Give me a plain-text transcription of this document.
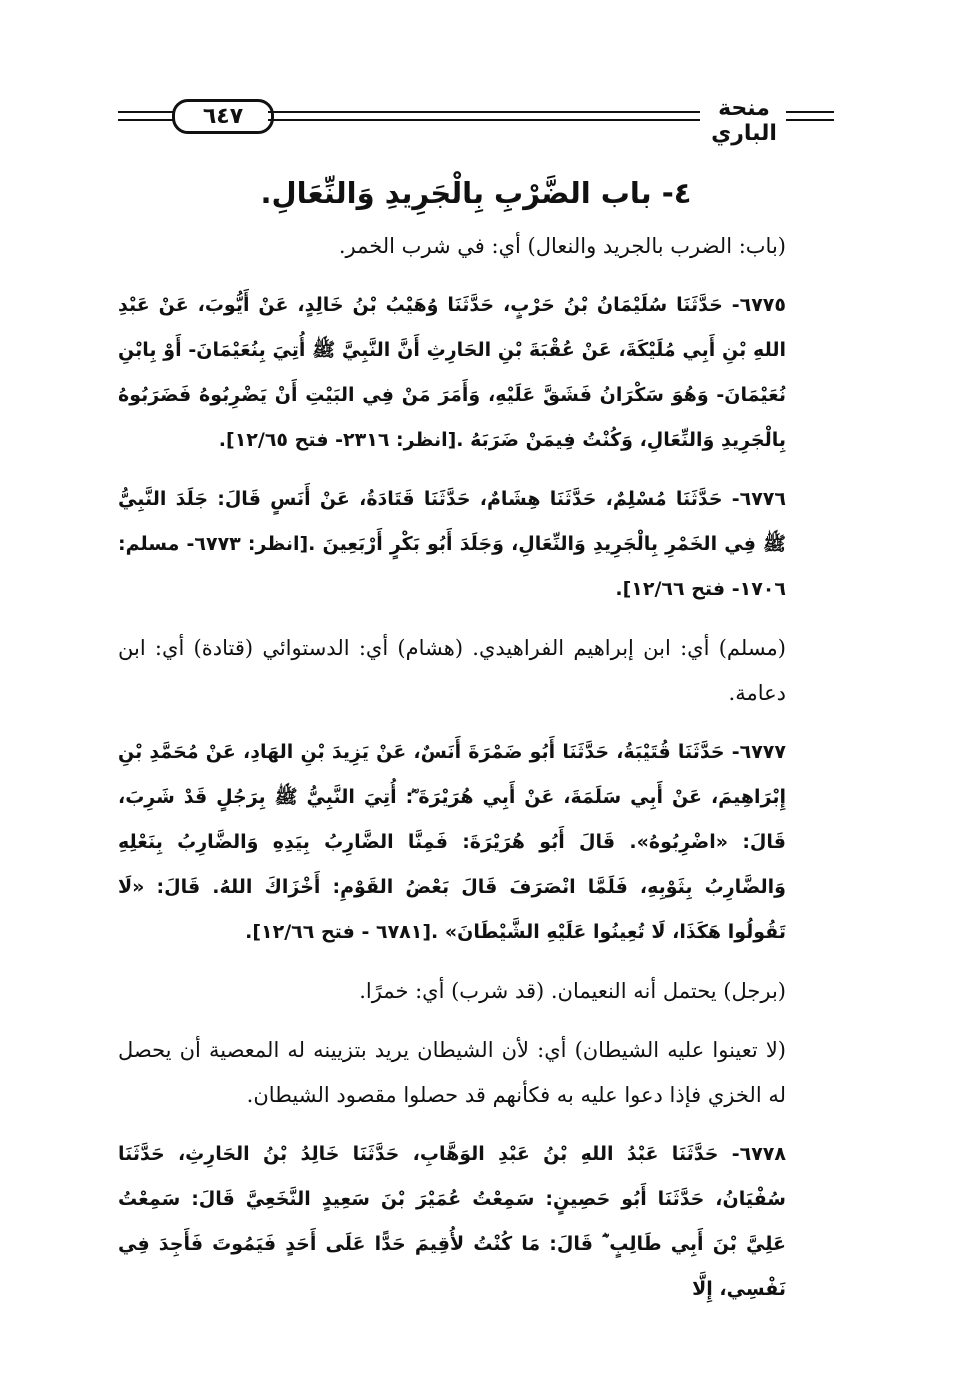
٦٤٧	منحة الباري
٤- باب الضَّرْبِ بِالْجَرِيدِ وَالنِّعَالِ.

(باب: الضرب بالجريد والنعال) أي: في شرب الخمر.

٦٧٧٥- حَدَّثَنَا سُلَيْمَانُ بْنُ حَرْبٍ، حَدَّثَنَا وُهَيْبُ بْنُ خَالِدٍ، عَنْ أَيُّوبَ، عَنْ عَبْدِ اللهِ بْنِ أَبِي مُلَيْكَةَ، عَنْ عُقْبَةَ بْنِ الحَارِثِ أَنَّ النَّبِيَّ ﷺ أُتِيَ بِنُعَيْمَانَ- أَوْ بِابْنِ نُعَيْمَانَ- وَهُوَ سَكْرَانُ فَشَقَّ عَلَيْهِ، وَأَمَرَ مَنْ فِي البَيْتِ أَنْ يَضْرِبُوهُ فَضَرَبُوهُ بِالْجَرِيدِ وَالنِّعَالِ، وَكُنْتُ فِيمَنْ ضَرَبَهُ .[انظر: ٢٣١٦- فتح ١٢/٦٥].

٦٧٧٦- حَدَّثَنَا مُسْلِمٌ، حَدَّثَنَا هِشَامٌ، حَدَّثَنَا قَتَادَةُ، عَنْ أَنَسٍ قَالَ: جَلَدَ النَّبِيُّ ﷺ فِي الخَمْرِ بِالْجَرِيدِ وَالنِّعَالِ، وَجَلَدَ أَبُو بَكْرٍ أَرْبَعِينَ .[انظر: ٦٧٧٣- مسلم: ١٧٠٦- فتح ١٢/٦٦].

(مسلم) أي: ابن إبراهيم الفراهيدي. (هشام) أي: الدستوائي (قتادة) أي: ابن دعامة.

٦٧٧٧- حَدَّثَنَا قُتَيْبَةُ، حَدَّثَنَا أَبُو ضَمْرَةَ أَنَسٌ، عَنْ يَزِيدَ بْنِ الهَادِ، عَنْ مُحَمَّدِ بْنِ إِبْرَاهِيمَ، عَنْ أَبِي سَلَمَةَ، عَنْ أَبِي هُرَيْرَةَ ؓ: أُتِيَ النَّبِيُّ ﷺ بِرَجُلٍ قَدْ شَرِبَ، قَالَ: «اضْرِبُوهُ». قَالَ أَبُو هُرَيْرَةَ: فَمِنَّا الضَّارِبُ بِيَدِهِ وَالضَّارِبُ بِنَعْلِهِ وَالضَّارِبُ بِثَوْبِهِ، فَلَمَّا انْصَرَفَ قَالَ بَعْضُ القَوْمِ: أَخْزَاكَ اللهُ. قَالَ: «لَا تَقُولُوا هَكَذَا، لَا تُعِينُوا عَلَيْهِ الشَّيْطَانَ» .[٦٧٨١ - فتح ١٢/٦٦].

(برجل) يحتمل أنه النعيمان. (قد شرب) أي: خمرًا.

(لا تعينوا عليه الشيطان) أي: لأن الشيطان يريد بتزيينه له المعصية أن يحصل له الخزي فإذا دعوا عليه به فكأنهم قد حصلوا مقصود الشيطان.

٦٧٧٨- حَدَّثَنَا عَبْدُ اللهِ بْنُ عَبْدِ الوَهَّابِ، حَدَّثَنَا خَالِدُ بْنُ الحَارِثِ، حَدَّثَنَا سُفْيَانُ، حَدَّثَنَا أَبُو حَصِينٍ: سَمِعْتُ عُمَيْرَ بْنَ سَعِيدٍ النَّخَعِيَّ قَالَ: سَمِعْتُ عَلِيَّ بْنَ أَبِي طَالِبٍ ؓ قَالَ: مَا كُنْتُ لأُقِيمَ حَدًّا عَلَى أَحَدٍ فَيَمُوتَ فَأَجِدَ فِي نَفْسِي، إِلَّا
